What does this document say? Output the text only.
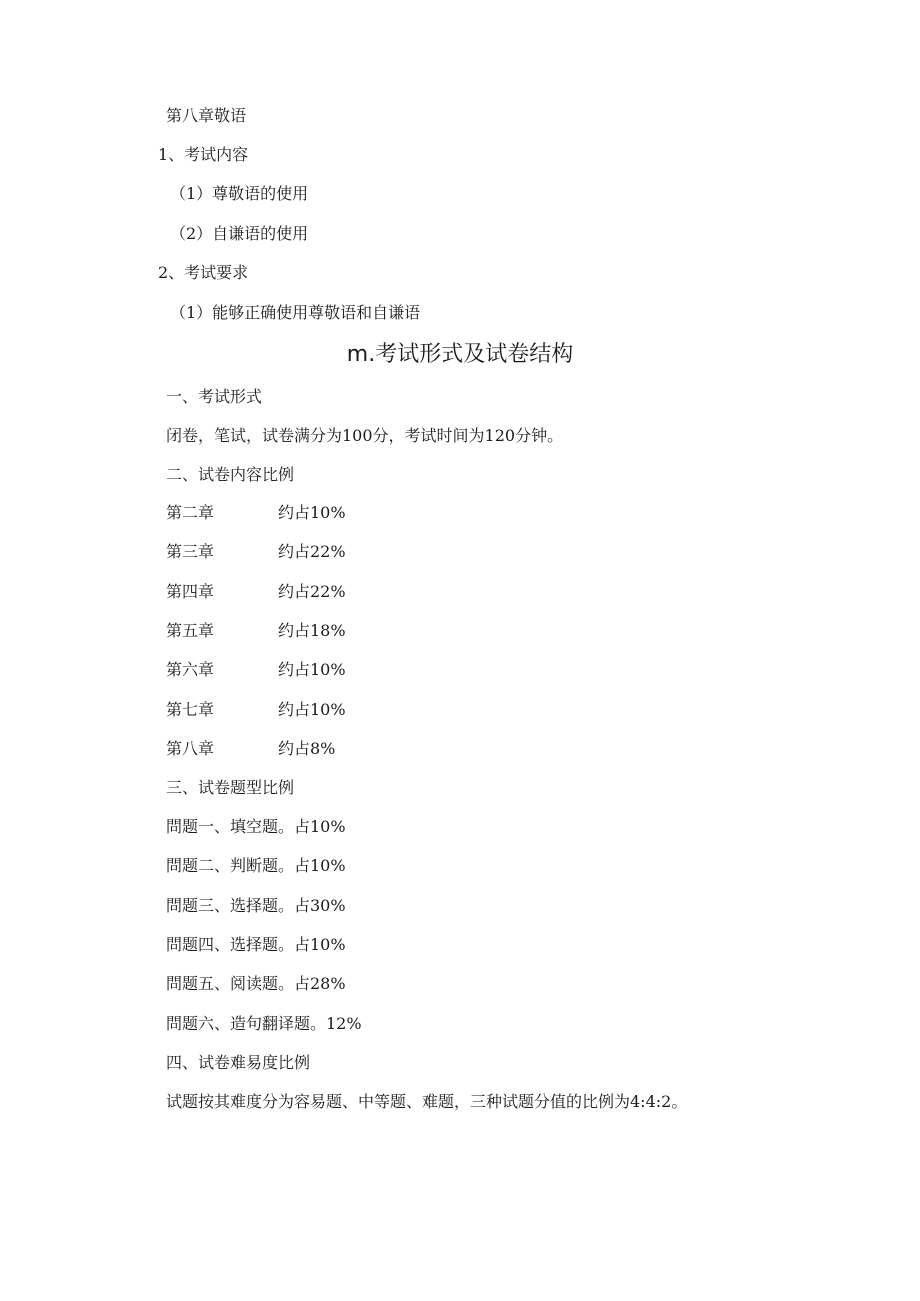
第八章敬语
1、考试内容
（1）尊敬语的使用
（2）自谦语的使用
2、考试要求
（1）能够正确使用尊敬语和自谦语
m.考试形式及试卷结构
一、考试形式
闭卷，笔试，试卷满分为100分，考试时间为120分钟。
二、试卷内容比例
第二章	约占10%
第三章	约占22%
第四章	约占22%
第五章	约占18%
第六章	约占10%
第七章	约占10%
第八章	约占8%
三、试卷题型比例
問题一、填空题。占10%
問题二、判断题。占10%
問题三、选择题。占30%
問题四、选择题。占10%
問题五、阅读题。占28%
問题六、造句翻译题。12%
四、试卷难易度比例
试题按其难度分为容易题、中等题、难题，三种试题分值的比例为4:4:2。
